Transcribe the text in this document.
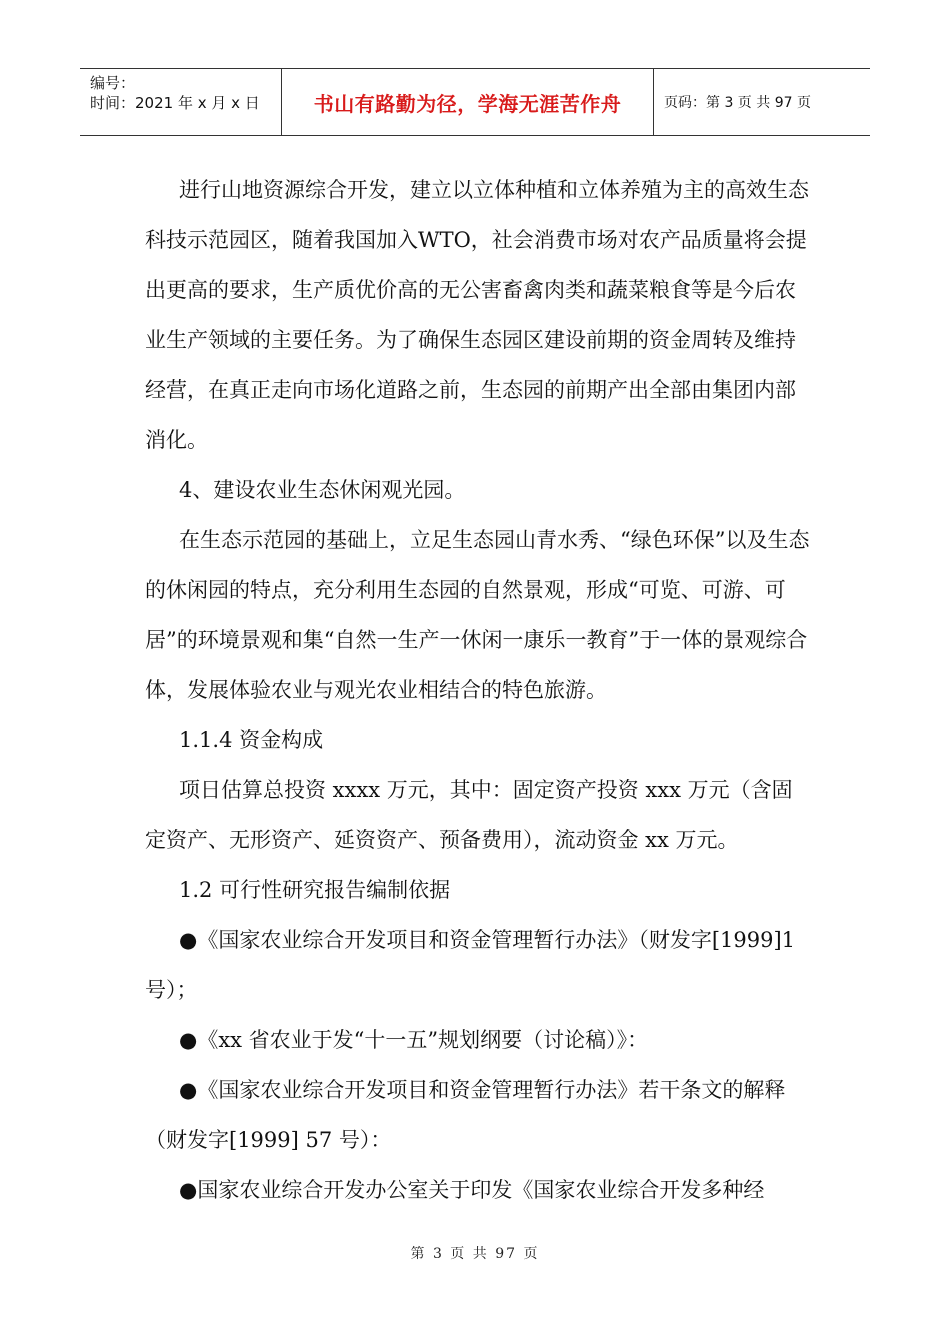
编号：
时间：2021 年 x 月 x 日	书山有路勤为径，学海无涯苦作舟	页码：第 3 页 共 97 页

进行山地资源综合开发，建立以立体种植和立体养殖为主的高效生态科技示范园区，随着我国加入WTO，社会消费市场对农产品质量将会提出更高的要求，生产质优价高的无公害畜禽肉类和蔬菜粮食等是今后农业生产领域的主要任务。为了确保生态园区建设前期的资金周转及维持经营，在真正走向市场化道路之前，生态园的前期产出全部由集团内部消化。

4、建设农业生态休闲观光园。

在生态示范园的基础上，立足生态园山青水秀、“绿色环保”以及生态的休闲园的特点，充分利用生态园的自然景观，形成“可览、可游、可居”的环境景观和集“自然一生产一休闲一康乐一教育”于一体的景观综合体，发展体验农业与观光农业相结合的特色旅游。

1.1.4 资金构成

项日估算总投资 xxxx 万元，其中：固定资产投资 xxx 万元（含固定资产、无形资产、延资资产、预备费用），流动资金 xx 万元。

1.2 可行性研究报告编制依据

●《国家农业综合开发项目和资金管理暂行办法》（财发字[1999]1 号）；

●《xx 省农业于发“十一五”规划纲要（讨论稿）》：

●《国家农业综合开发项目和资金管理暂行办法》若干条文的解释（财发字[1999] 57 号）：

●国家农业综合开发办公室关于印发《国家农业综合开发多种经

第 3 页 共 97 页
